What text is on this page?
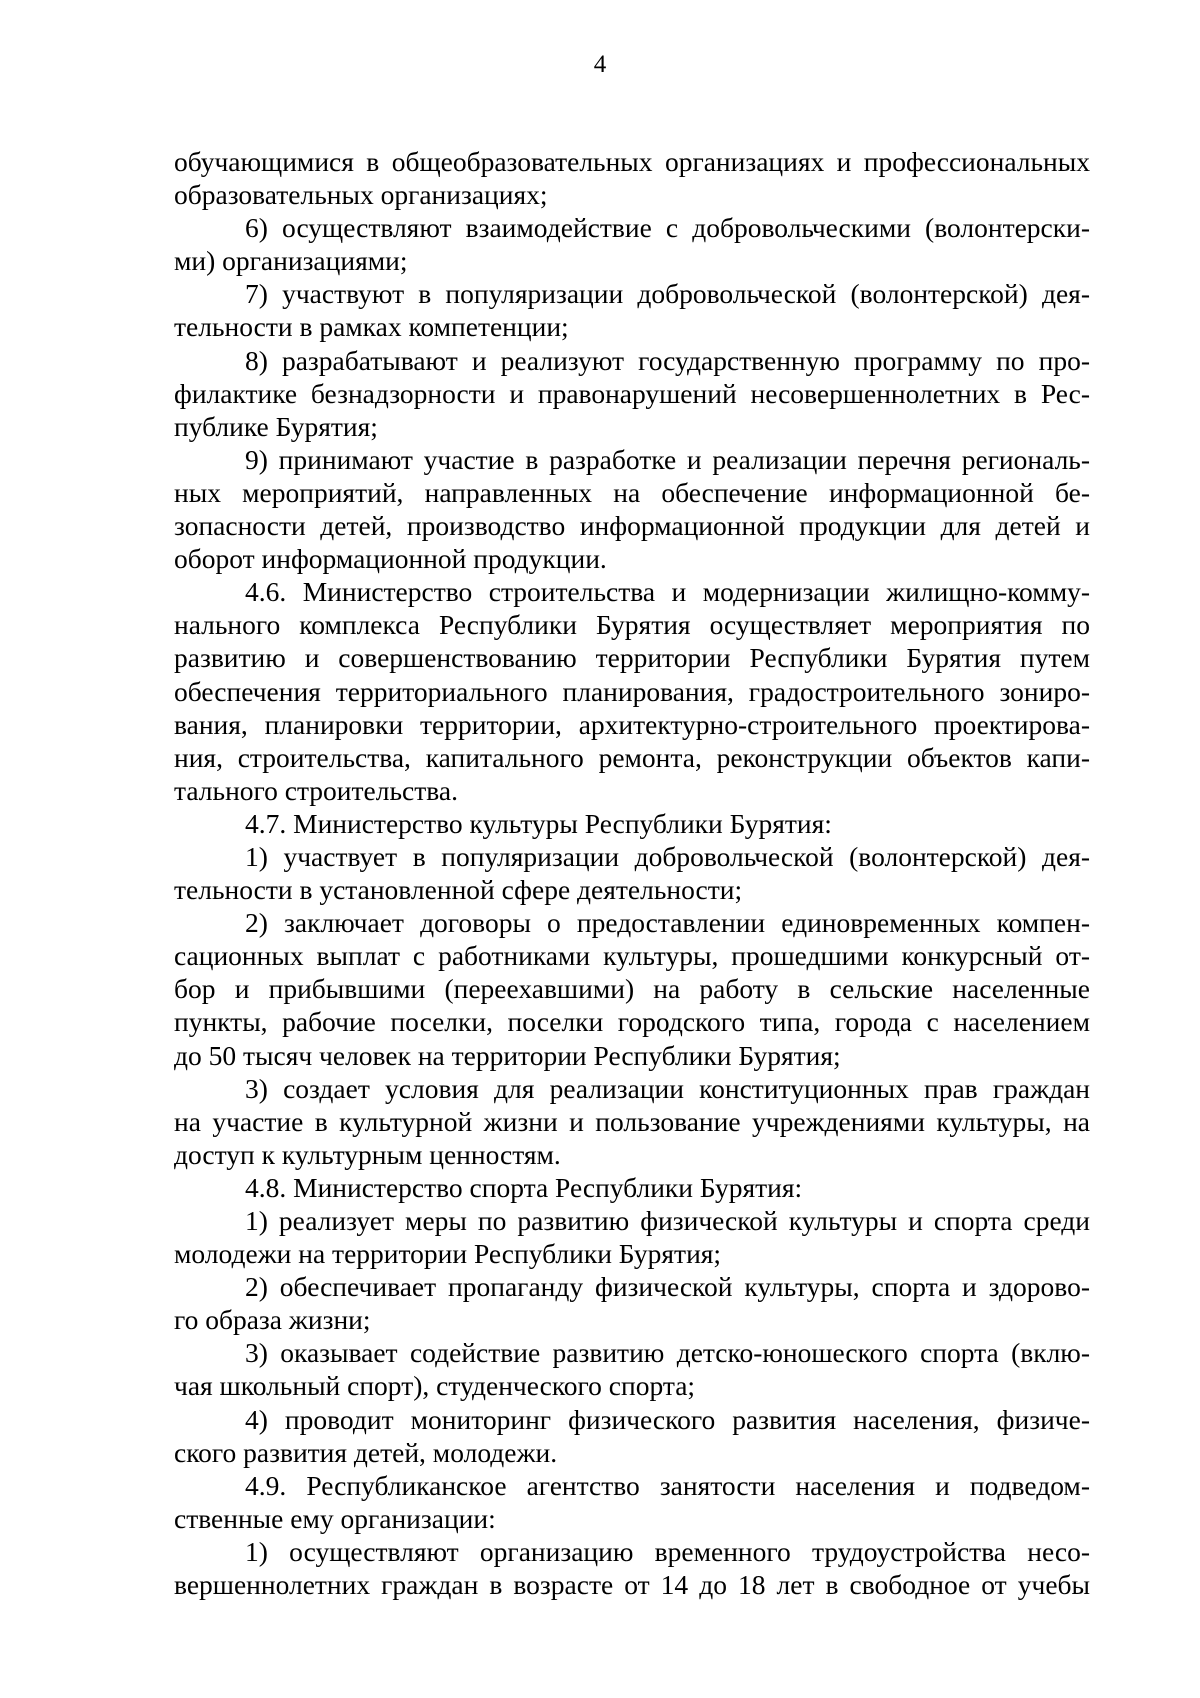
4

обучающимися в общеобразовательных организациях и профессиональных
образовательных организациях;

6) осуществляют взаимодействие с добровольческими (волонтерски-
ми) организациями;

7) участвуют в популяризации добровольческой (волонтерской) дея-
тельности в рамках компетенции;

8) разрабатывают и реализуют государственную программу по про-
филактике безнадзорности и правонарушений несовершеннолетних в Рес-
публике Бурятия;

9) принимают участие в разработке и реализации перечня региональ-
ных мероприятий, направленных на обеспечение информационной бе-
зопасности детей, производство информационной продукции для детей и
оборот информационной продукции.

4.6. Министерство строительства и модернизации жилищно-комму-
нального комплекса Республики Бурятия осуществляет мероприятия по
развитию и совершенствованию территории Республики Бурятия путем
обеспечения территориального планирования, градостроительного зониро-
вания, планировки территории, архитектурно-строительного проектирова-
ния, строительства, капитального ремонта, реконструкции объектов капи-
тального строительства.

4.7. Министерство культуры Республики Бурятия:

1) участвует в популяризации добровольческой (волонтерской) дея-
тельности в установленной сфере деятельности;

2) заключает договоры о предоставлении единовременных компен-
сационных выплат с работниками культуры, прошедшими конкурсный от-
бор и прибывшими (переехавшими) на работу в сельские населенные
пункты, рабочие поселки, поселки городского типа, города с населением
до 50 тысяч человек на территории Республики Бурятия;

3) создает условия для реализации конституционных прав граждан
на участие в культурной жизни и пользование учреждениями культуры, на
доступ к культурным ценностям.

4.8. Министерство спорта Республики Бурятия:

1) реализует меры по развитию физической культуры и спорта среди
молодежи на территории Республики Бурятия;

2) обеспечивает пропаганду физической культуры, спорта и здорово-
го образа жизни;

3) оказывает содействие развитию детско-юношеского спорта (вклю-
чая школьный спорт), студенческого спорта;

4) проводит мониторинг физического развития населения, физиче-
ского развития детей, молодежи.

4.9. Республиканское агентство занятости населения и подведом-
ственные ему организации:

1) осуществляют организацию временного трудоустройства несо-
вершеннолетних граждан в возрасте от 14 до 18 лет в свободное от учебы
